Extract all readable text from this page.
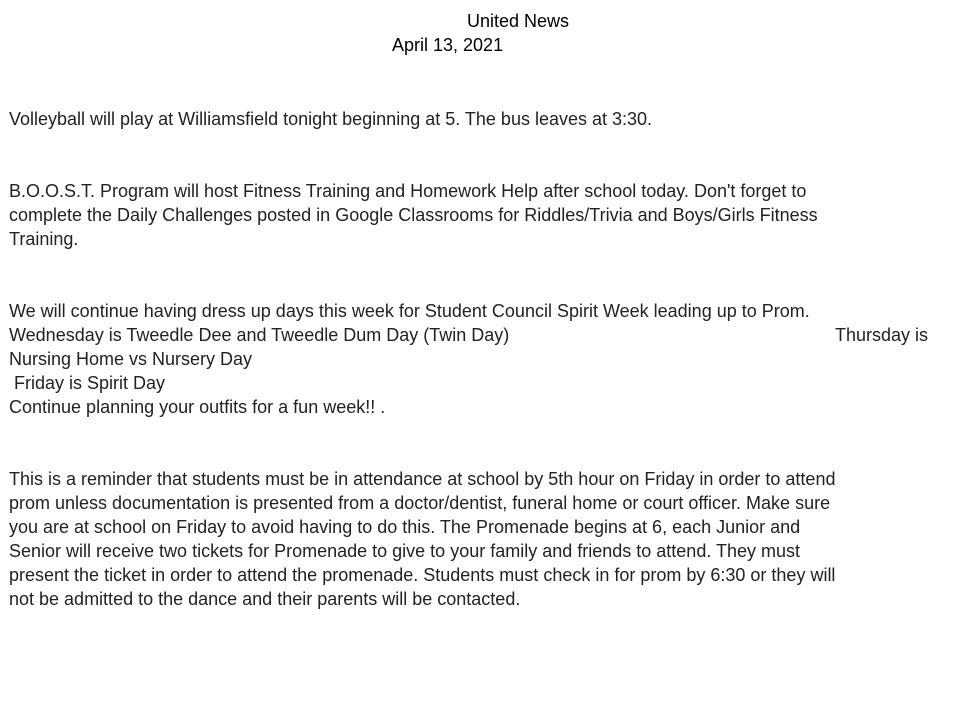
United News
April 13, 2021
Volleyball will play at Williamsfield tonight beginning at 5. The bus leaves at 3:30.
B.O.O.S.T. Program will host Fitness Training and Homework Help after school today. Don't forget to
complete the Daily Challenges posted in Google Classrooms for Riddles/Trivia and Boys/Girls Fitness
Training.
We will continue having dress up days this week for Student Council Spirit Week leading up to Prom.
Wednesday is Tweedle Dee and Tweedle Dum Day (Twin Day)	Thursday is
Nursing Home vs Nursery Day
Friday is Spirit Day
Continue planning your outfits for a fun week!! .
This is a reminder that students must be in attendance at school by 5th hour on Friday in order to attend
prom unless documentation is presented from a doctor/dentist, funeral home or court officer. Make sure
you are at school on Friday to avoid having to do this. The Promenade begins at 6, each Junior and
Senior will receive two tickets for Promenade to give to your family and friends to attend. They must
present the ticket in order to attend the promenade. Students must check in for prom by 6:30 or they will
not be admitted to the dance and their parents will be contacted.
